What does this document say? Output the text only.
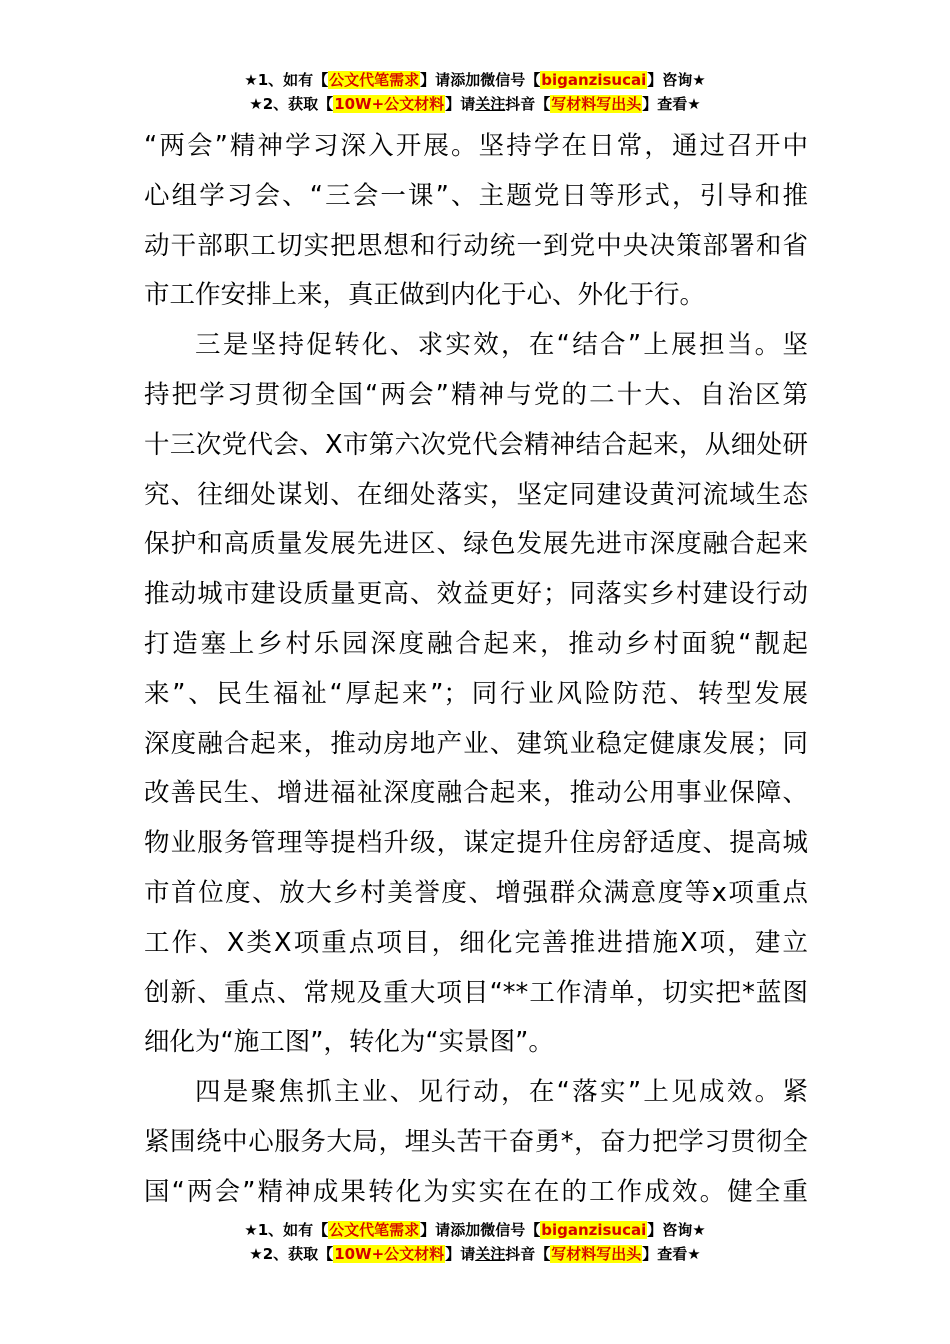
★1、如有【公文代笔需求】请添加微信号【biganzisucai】咨询★
★2、获取【10W+公文材料】请关注抖音【写材料写出头】查看★
“两会”精神学习深入开展。坚持学在日常，通过召开中
心组学习会、“三会一课”、主题党日等形式，引导和推
动干部职工切实把思想和行动统一到党中央决策部署和省
市工作安排上来，真正做到内化于心、外化于行。
三是坚持促转化、求实效，在“结合”上展担当。坚
持把学习贯彻全国“两会”精神与党的二十大、自治区第
十三次党代会、X市第六次党代会精神结合起来，从细处研
究、往细处谋划、在细处落实，坚定同建设黄河流域生态
保护和高质量发展先进区、绿色发展先进市深度融合起来
推动城市建设质量更高、效益更好；同落实乡村建设行动
打造塞上乡村乐园深度融合起来，推动乡村面貌“靓起
来”、民生福祉“厚起来”；同行业风险防范、转型发展
深度融合起来，推动房地产业、建筑业稳定健康发展；同
改善民生、增进福祉深度融合起来，推动公用事业保障、
物业服务管理等提档升级，谋定提升住房舒适度、提高城
市首位度、放大乡村美誉度、增强群众满意度等x项重点
工作、X类X项重点项目，细化完善推进措施X项，建立
创新、重点、常规及重大项目“**工作清单，切实把*蓝图
细化为“施工图”，转化为“实景图”。
四是聚焦抓主业、见行动，在“落实”上见成效。紧
紧围绕中心服务大局，埋头苦干奋勇*，奋力把学习贯彻全
国“两会”精神成果转化为实实在在的工作成效。健全重
★1、如有【公文代笔需求】请添加微信号【biganzisucai】咨询★
★2、获取【10W+公文材料】请关注抖音【写材料写出头】查看★
